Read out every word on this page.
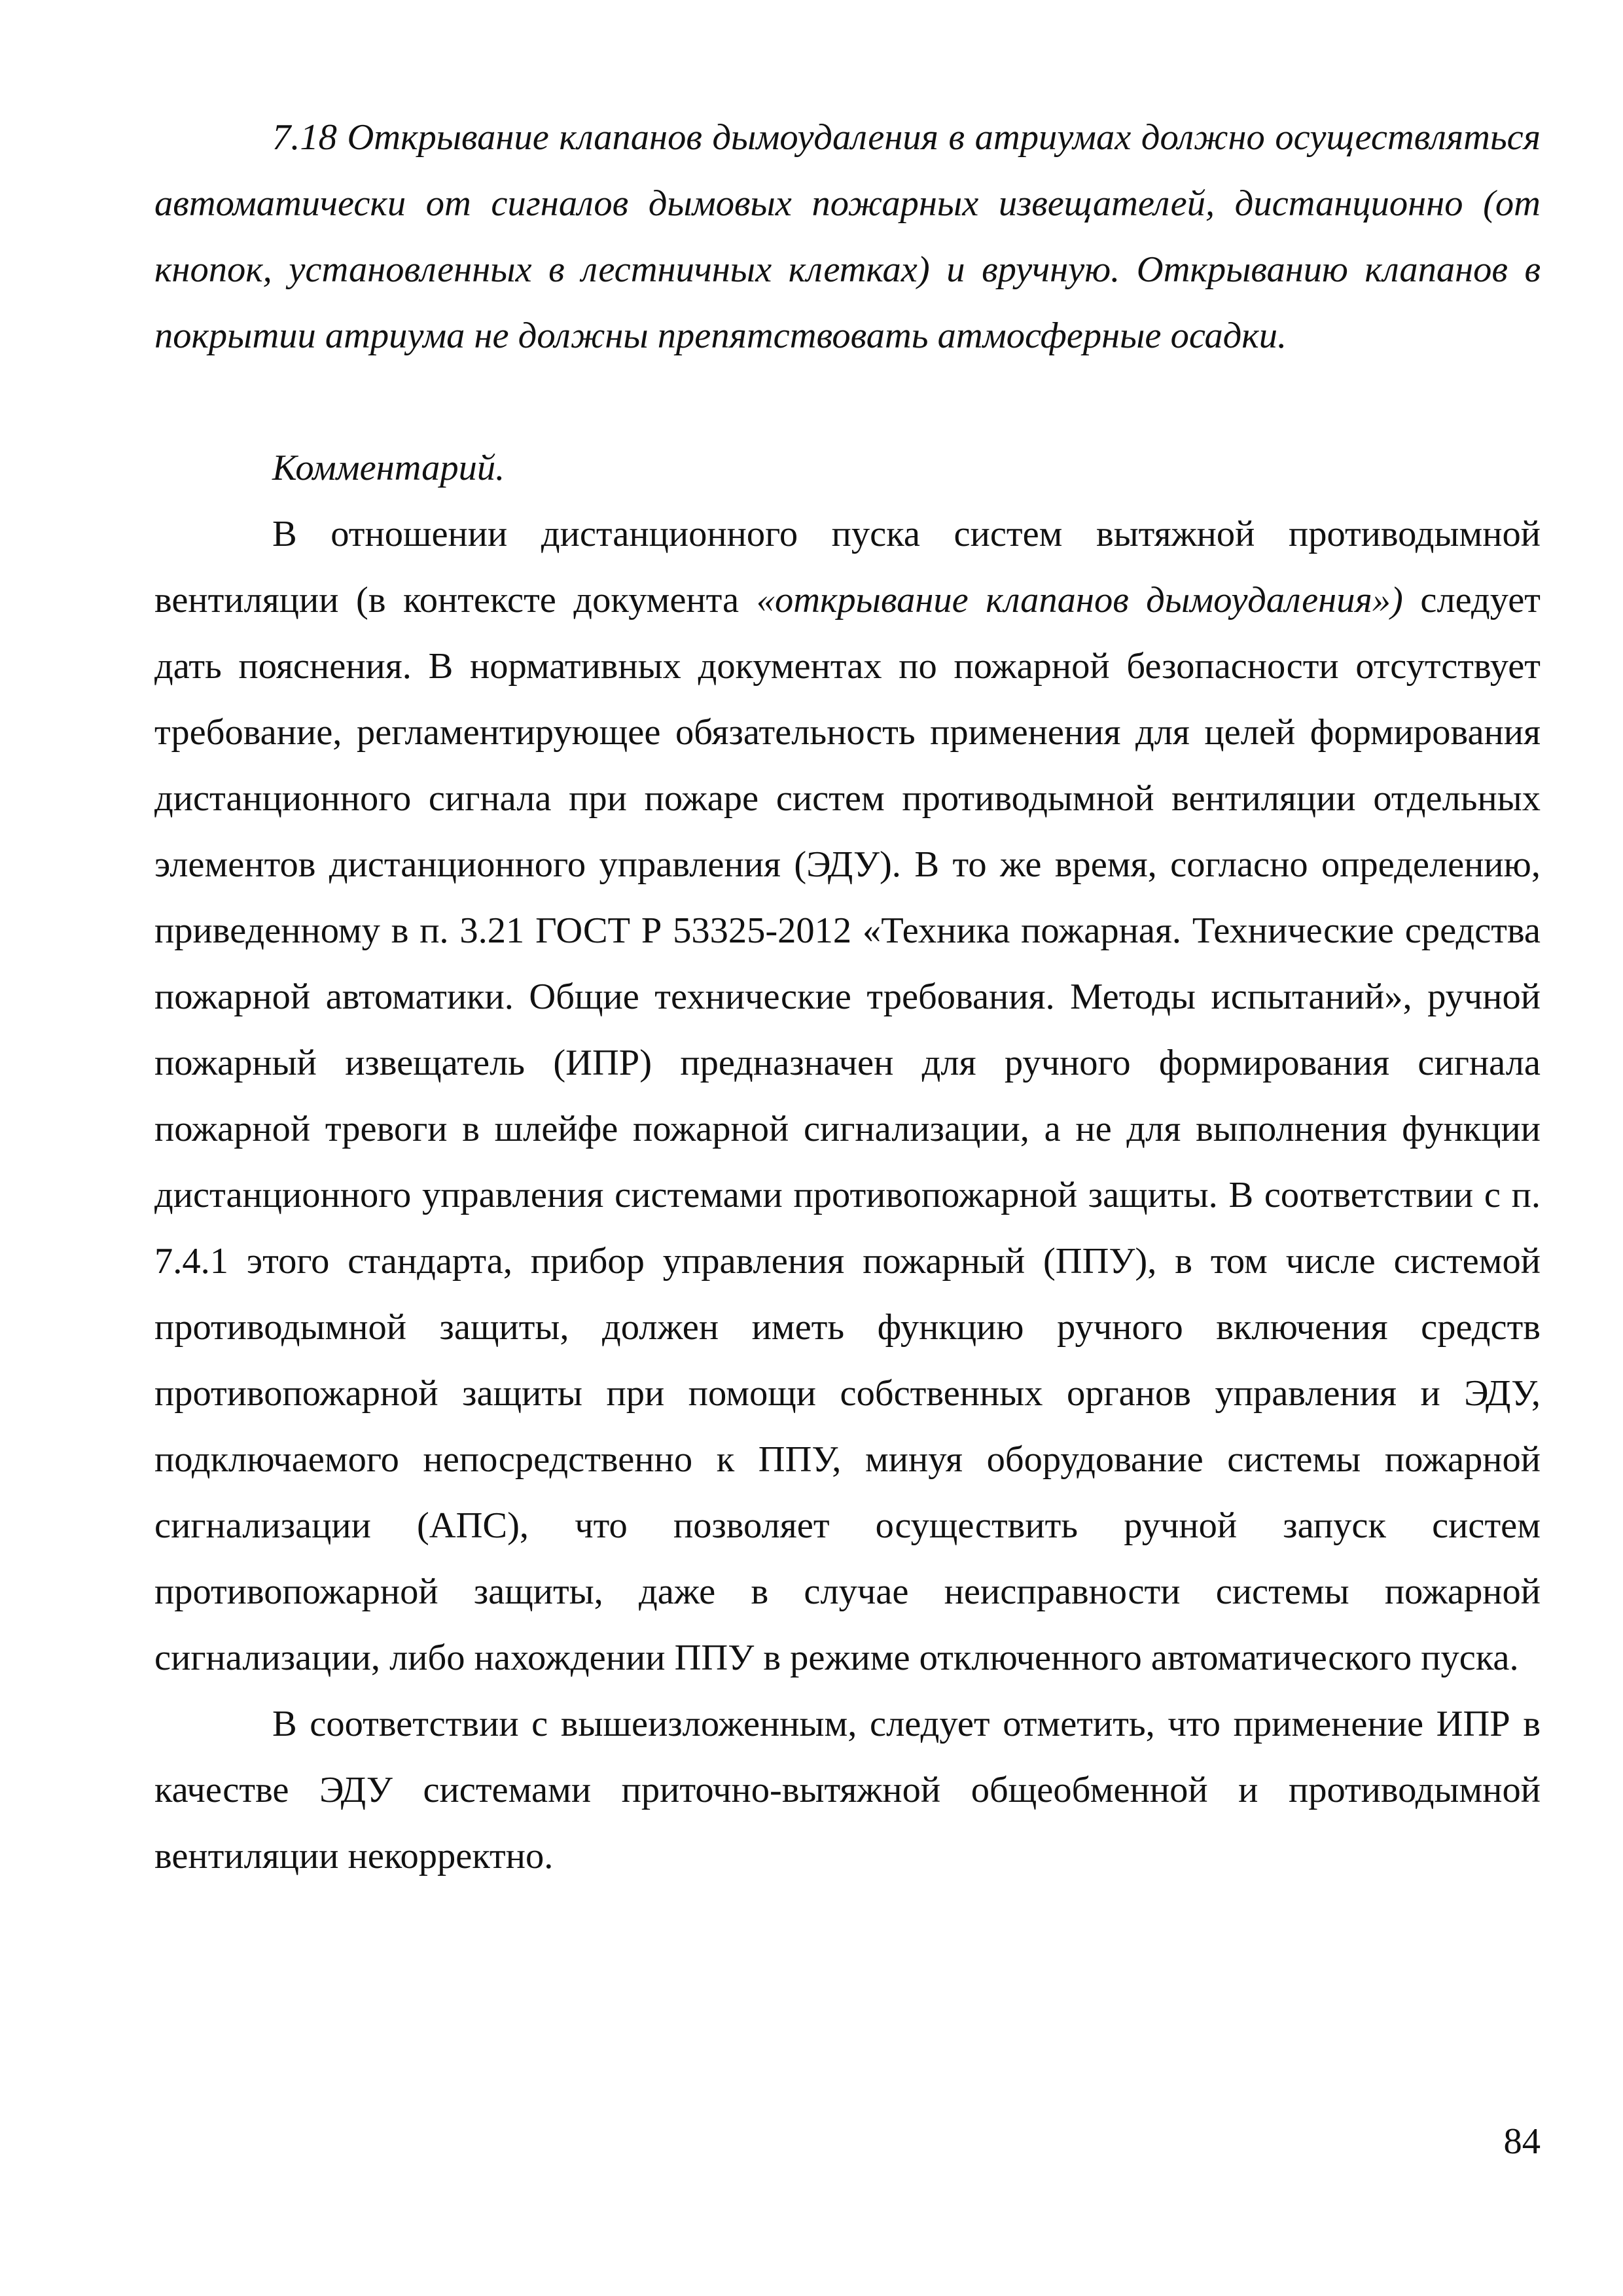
7.18 Открывание клапанов дымоудаления в атриумах должно осуществляться автоматически от сигналов дымовых пожарных извещателей, дистанционно (от кнопок, установленных в лестничных клетках) и вручную. Открыванию клапанов в покрытии атриума не должны препятствовать атмосферные осадки.

Комментарий.

В отношении дистанционного пуска систем вытяжной противодымной вентиляции (в контексте документа «открывание клапанов дымоудаления») следует дать пояснения. В нормативных документах по пожарной безопасности отсутствует требование, регламентирующее обязательность применения для целей формирования дистанционного сигнала при пожаре систем противодымной вентиляции отдельных элементов дистанционного управления (ЭДУ). В то же время, согласно определению, приведенному в п. 3.21 ГОСТ Р 53325-2012 «Техника пожарная. Технические средства пожарной автоматики. Общие технические требования. Методы испытаний», ручной пожарный извещатель (ИПР) предназначен для ручного формирования сигнала пожарной тревоги в шлейфе пожарной сигнализации, а не для выполнения функции дистанционного управления системами противопожарной защиты. В соответствии с п. 7.4.1 этого стандарта, прибор управления пожарный (ППУ), в том числе системой противодымной защиты, должен иметь функцию ручного включения средств противопожарной защиты при помощи собственных органов управления и ЭДУ, подключаемого непосредственно к ППУ, минуя оборудование системы пожарной сигнализации (АПС), что позволяет осуществить ручной запуск систем противопожарной защиты, даже в случае неисправности системы пожарной сигнализации, либо нахождении ППУ в режиме отключенного автоматического пуска.

В соответствии с вышеизложенным, следует отметить, что применение ИПР в качестве ЭДУ системами приточно-вытяжной общеобменной и противодымной вентиляции некорректно.

84
